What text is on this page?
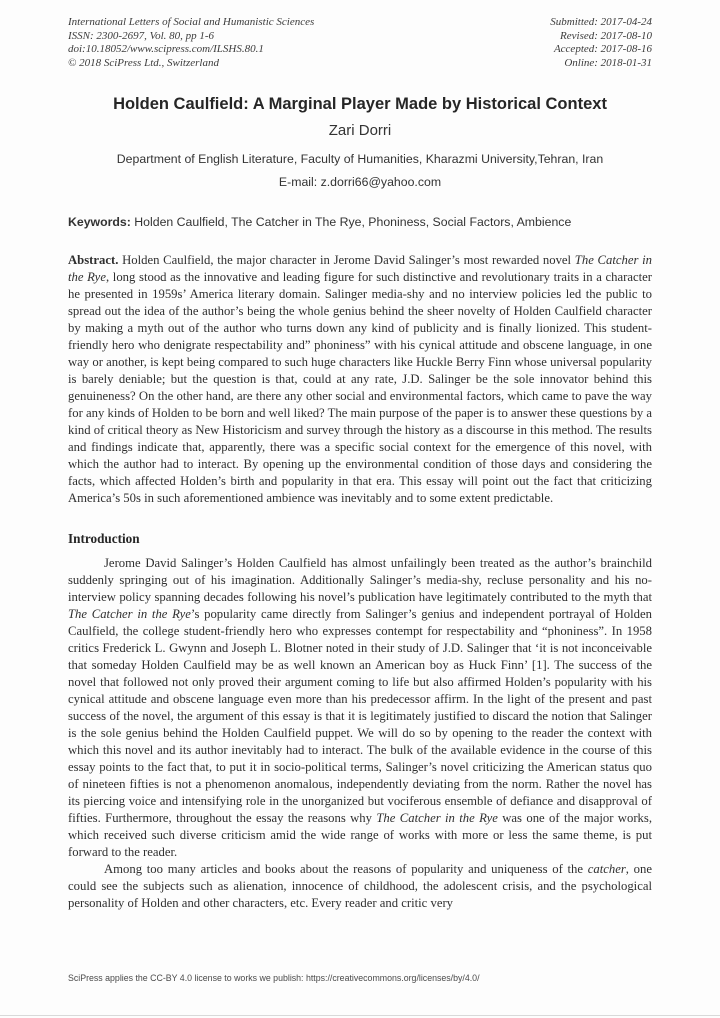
International Letters of Social and Humanistic Sciences
ISSN: 2300-2697, Vol. 80, pp 1-6
doi:10.18052/www.scipress.com/ILSHS.80.1
© 2018 SciPress Ltd., Switzerland
Submitted: 2017-04-24
Revised: 2017-08-10
Accepted: 2017-08-16
Online: 2018-01-31
Holden Caulfield: A Marginal Player Made by Historical Context
Zari Dorri
Department of English Literature, Faculty of Humanities, Kharazmi University,Tehran, Iran
E-mail: z.dorri66@yahoo.com
Keywords: Holden Caulfield, The Catcher in The Rye, Phoniness, Social Factors, Ambience

Abstract. Holden Caulfield, the major character in Jerome David Salinger’s most rewarded novel The Catcher in the Rye, long stood as the innovative and leading figure for such distinctive and revolutionary traits in a character he presented in 1959s’ America literary domain. Salinger media-shy and no interview policies led the public to spread out the idea of the author’s being the whole genius behind the sheer novelty of Holden Caulfield character by making a myth out of the author who turns down any kind of publicity and is finally lionized. This student-friendly hero who denigrate respectability and” phoniness” with his cynical attitude and obscene language, in one way or another, is kept being compared to such huge characters like Huckle Berry Finn whose universal popularity is barely deniable; but the question is that, could at any rate, J.D. Salinger be the sole innovator behind this genuineness? On the other hand, are there any other social and environmental factors, which came to pave the way for any kinds of Holden to be born and well liked? The main purpose of the paper is to answer these questions by a kind of critical theory as New Historicism and survey through the history as a discourse in this method. The results and findings indicate that, apparently, there was a specific social context for the emergence of this novel, with which the author had to interact. By opening up the environmental condition of those days and considering the facts, which affected Holden’s birth and popularity in that era. This essay will point out the fact that criticizing America’s 50s in such aforementioned ambience was inevitably and to some extent predictable.

Introduction

Jerome David Salinger’s Holden Caulfield has almost unfailingly been treated as the author’s brainchild suddenly springing out of his imagination. Additionally Salinger’s media-shy, recluse personality and his no-interview policy spanning decades following his novel’s publication have legitimately contributed to the myth that The Catcher in the Rye’s popularity came directly from Salinger’s genius and independent portrayal of Holden Caulfield, the college student-friendly hero who expresses contempt for respectability and “phoniness”. In 1958 critics Frederick L. Gwynn and Joseph L. Blotner noted in their study of J.D. Salinger that ‘it is not inconceivable that someday Holden Caulfield may be as well known an American boy as Huck Finn’ [1]. The success of the novel that followed not only proved their argument coming to life but also affirmed Holden’s popularity with his cynical attitude and obscene language even more than his predecessor affirm. In the light of the present and past success of the novel, the argument of this essay is that it is legitimately justified to discard the notion that Salinger is the sole genius behind the Holden Caulfield puppet. We will do so by opening to the reader the context with which this novel and its author inevitably had to interact. The bulk of the available evidence in the course of this essay points to the fact that, to put it in socio-political terms, Salinger’s novel criticizing the American status quo of nineteen fifties is not a phenomenon anomalous, independently deviating from the norm. Rather the novel has its piercing voice and intensifying role in the unorganized but vociferous ensemble of defiance and disapproval of fifties. Furthermore, throughout the essay the reasons why The Catcher in the Rye was one of the major works, which received such diverse criticism amid the wide range of works with more or less the same theme, is put forward to the reader.

Among too many articles and books about the reasons of popularity and uniqueness of the catcher, one could see the subjects such as alienation, innocence of childhood, the adolescent crisis, and the psychological personality of Holden and other characters, etc. Every reader and critic very

SciPress applies the CC-BY 4.0 license to works we publish: https://creativecommons.org/licenses/by/4.0/
